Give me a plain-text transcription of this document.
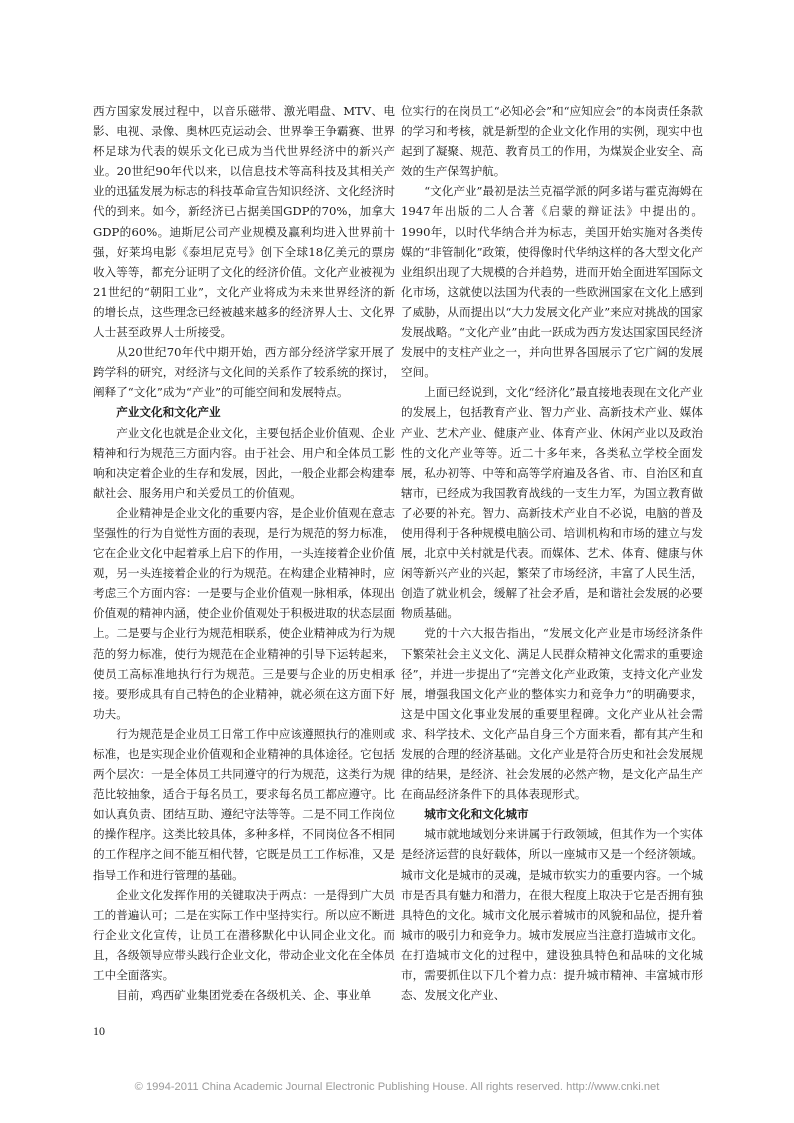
西方国家发展过程中，以音乐磁带、激光唱盘、MTV、电影、电视、录像、奥林匹克运动会、世界拳王争霸赛、世界杯足球为代表的娱乐文化已成为当代世界经济中的新兴产业。20世纪90年代以来，以信息技术等高科技及其相关产业的迅猛发展为标志的科技革命宣告知识经济、文化经济时代的到来。如今，新经济已占据美国GDP的70%，加拿大GDP的60%。迪斯尼公司产业规模及赢利均进入世界前十强，好莱坞电影《泰坦尼克号》创下全球18亿美元的票房收入等等，都充分证明了文化的经济价值。文化产业被视为21世纪的“朝阳工业”，文化产业将成为未来世界经济的新的增长点，这些理念已经被越来越多的经济界人士、文化界人士甚至政界人士所接受。

从20世纪70年代中期开始，西方部分经济学家开展了跨学科的研究，对经济与文化间的关系作了较系统的探讨，阐释了“文化”成为“产业”的可能空间和发展特点。

产业文化和文化产业

产业文化也就是企业文化，主要包括企业价值观、企业精神和行为规范三方面内容。由于社会、用户和全体员工影响和决定着企业的生存和发展，因此，一般企业都会构建奉献社会、服务用户和关爱员工的价值观。

企业精神是企业文化的重要内容，是企业价值观在意志坚强性的行为自觉性方面的表现，是行为规范的努力标准，它在企业文化中起着承上启下的作用，一头连接着企业价值观，另一头连接着企业的行为规范。在构建企业精神时，应考虑三个方面内容：一是要与企业价值观一脉相承，体现出价值观的精神内涵，使企业价值观处于积极进取的状态层面上。二是要与企业行为规范相联系，使企业精神成为行为规范的努力标准，使行为规范在企业精神的引导下运转起来，使员工高标准地执行行为规范。三是要与企业的历史相承接。要形成具有自己特色的企业精神，就必须在这方面下好功夫。

行为规范是企业员工日常工作中应该遵照执行的准则或标准，也是实现企业价值观和企业精神的具体途径。它包括两个层次：一是全体员工共同遵守的行为规范，这类行为规范比较抽象，适合于每名员工，要求每名员工都应遵守。比如认真负责、团结互助、遵纪守法等等。二是不同工作岗位的操作程序。这类比较具体，多种多样，不同岗位各不相同的工作程序之间不能互相代替，它既是员工工作标准，又是指导工作和进行管理的基础。

企业文化发挥作用的关键取决于两点：一是得到广大员工的普遍认可；二是在实际工作中坚持实行。所以应不断进行企业文化宣传，让员工在潜移默化中认同企业文化。而且，各级领导应带头践行企业文化，带动企业文化在全体员工中全面落实。

目前，鸡西矿业集团党委在各级机关、企、事业单

位实行的在岗员工“必知必会”和“应知应会”的本岗责任条款的学习和考核，就是新型的企业文化作用的实例，现实中也起到了凝聚、规范、教育员工的作用，为煤炭企业安全、高效的生产保驾护航。

“文化产业”最初是法兰克福学派的阿多诺与霍克海姆在1947年出版的二人合著《启蒙的辩证法》中提出的。1990年，以时代华纳合并为标志，美国开始实施对各类传媒的“非管制化”政策，使得像时代华纳这样的各大型文化产业组织出现了大规模的合并趋势，进而开始全面进军国际文化市场，这就使以法国为代表的一些欧洲国家在文化上感到了威胁，从而提出以“大力发展文化产业”来应对挑战的国家发展战略。“文化产业”由此一跃成为西方发达国家国民经济发展中的支柱产业之一，并向世界各国展示了它广阔的发展空间。

上面已经说到，文化“经济化”最直接地表现在文化产业的发展上，包括教育产业、智力产业、高新技术产业、媒体产业、艺术产业、健康产业、体育产业、休闲产业以及政治性的文化产业等等。近二十多年来，各类私立学校全面发展，私办初等、中等和高等学府遍及各省、市、自治区和直辖市，已经成为我国教育战线的一支生力军，为国立教育做了必要的补充。智力、高新技术产业自不必说，电脑的普及使用得利于各种规模电脑公司、培训机构和市场的建立与发展，北京中关村就是代表。而媒体、艺术、体育、健康与休闲等新兴产业的兴起，繁荣了市场经济，丰富了人民生活，创造了就业机会，缓解了社会矛盾，是和谐社会发展的必要物质基础。

党的十六大报告指出，“发展文化产业是市场经济条件下繁荣社会主义文化、满足人民群众精神文化需求的重要途径”，并进一步提出了“完善文化产业政策，支持文化产业发展，增强我国文化产业的整体实力和竞争力”的明确要求，这是中国文化事业发展的重要里程碑。文化产业从社会需求、科学技术、文化产品自身三个方面来看，都有其产生和发展的合理的经济基础。文化产业是符合历史和社会发展规律的结果，是经济、社会发展的必然产物，是文化产品生产在商品经济条件下的具体表现形式。

城市文化和文化城市

城市就地域划分来讲属于行政领域，但其作为一个实体是经济运营的良好载体，所以一座城市又是一个经济领域。城市文化是城市的灵魂，是城市软实力的重要内容。一个城市是否具有魅力和潜力，在很大程度上取决于它是否拥有独具特色的文化。城市文化展示着城市的风貌和品位，提升着城市的吸引力和竞争力。城市发展应当注意打造城市文化。在打造城市文化的过程中，建设独具特色和品味的文化城市，需要抓住以下几个着力点：提升城市精神、丰富城市形态、发展文化产业、

10
© 1994-2011 China Academic Journal Electronic Publishing House. All rights reserved. http://www.cnki.net
